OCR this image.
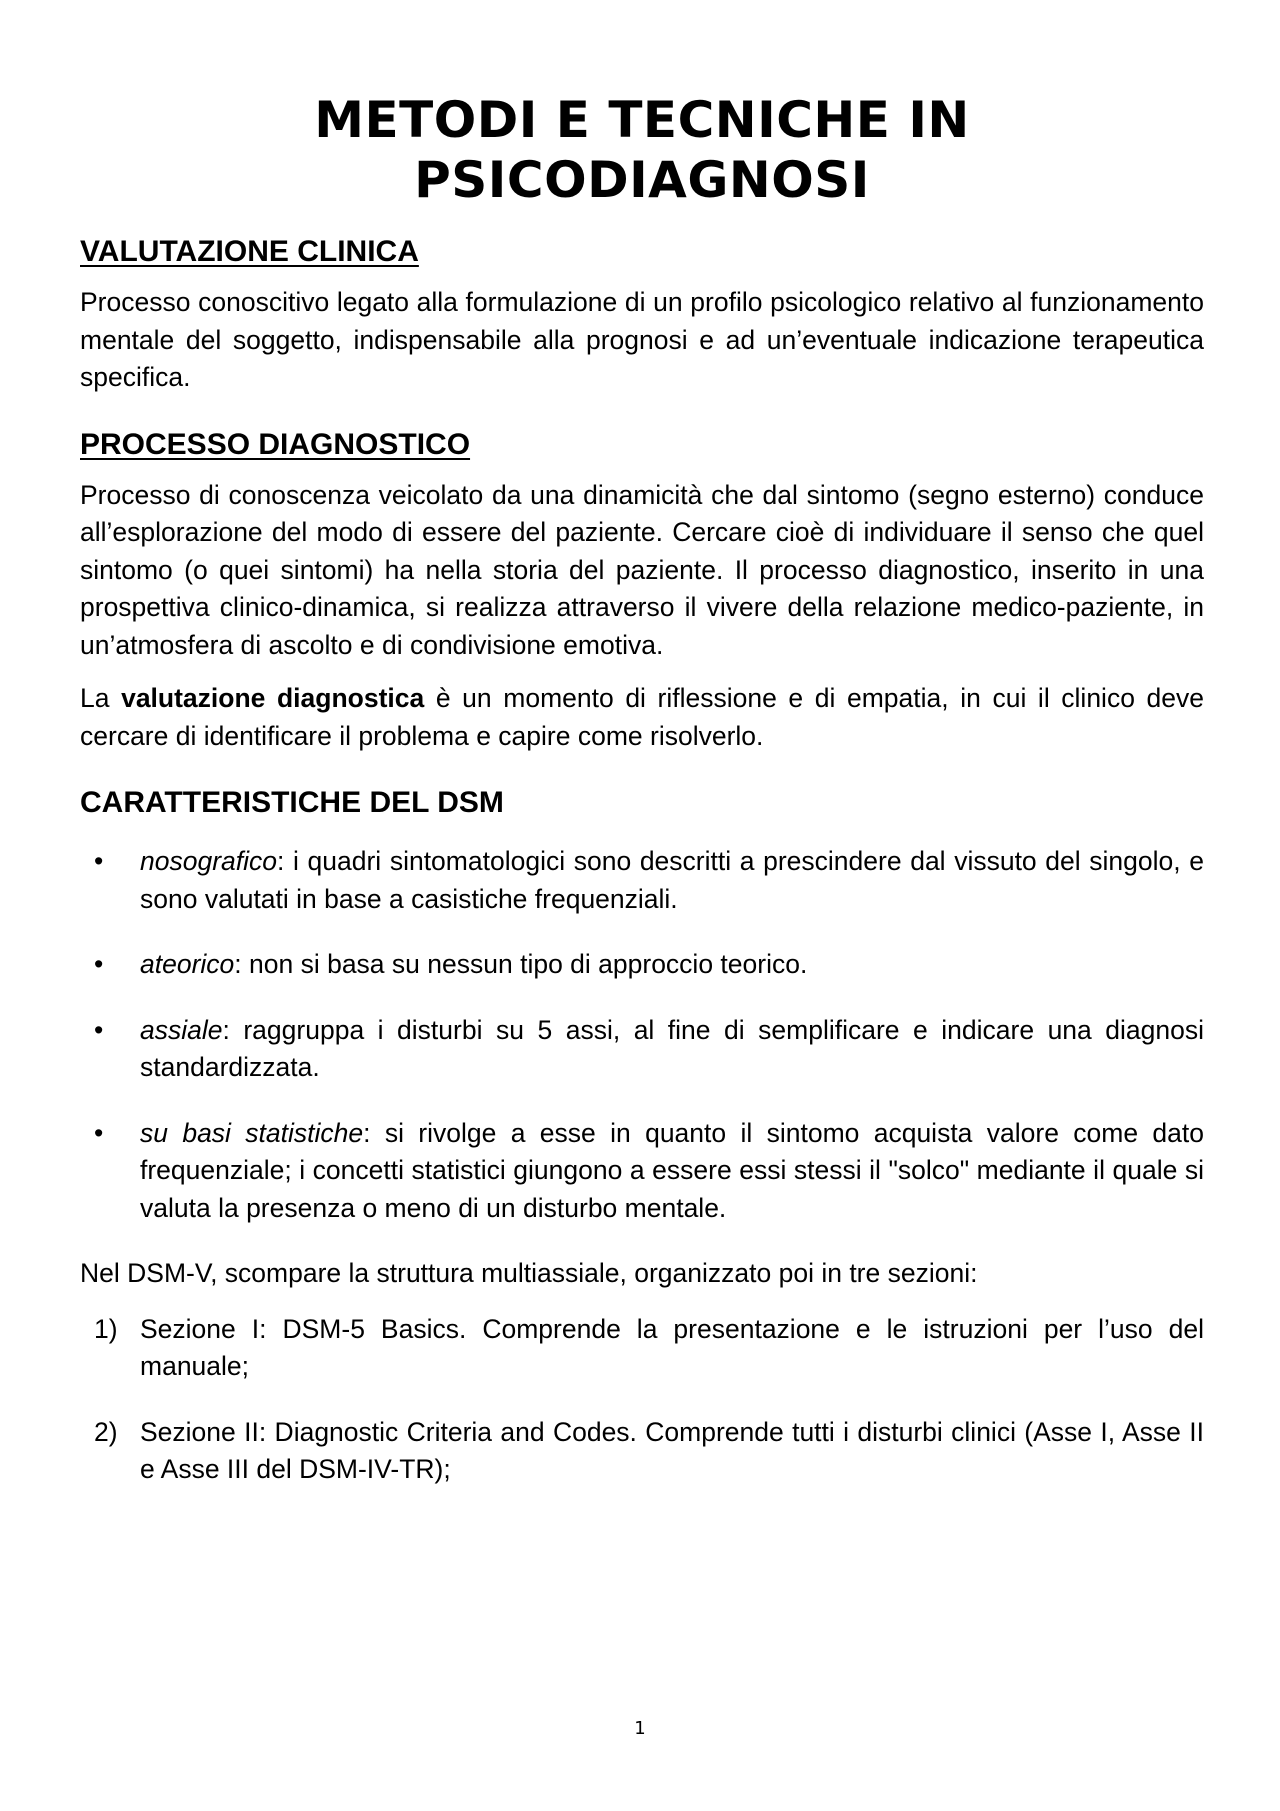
METODI E TECNICHE IN
PSICODIAGNOSI
VALUTAZIONE CLINICA

Processo conoscitivo legato alla formulazione di un profilo psicologico relativo al funzionamento mentale del soggetto, indispensabile alla prognosi e ad un’eventuale indicazione terapeutica specifica.

PROCESSO DIAGNOSTICO

Processo di conoscenza veicolato da una dinamicità che dal sintomo (segno esterno) conduce all’esplorazione del modo di essere del paziente. Cercare cioè di individuare il senso che quel sintomo (o quei sintomi) ha nella storia del paziente. Il processo diagnostico, inserito in una prospettiva clinico-dinamica, si realizza attraverso il vivere della relazione medico-paziente, in un’atmosfera di ascolto e di condivisione emotiva.

La valutazione diagnostica è un momento di riflessione e di empatia, in cui il clinico deve cercare di identificare il problema e capire come risolverlo.

CARATTERISTICHE DEL DSM
•	nosografico: i quadri sintomatologici sono descritti a prescindere dal vissuto del singolo, e sono valutati in base a casistiche frequenziali.
•	ateorico: non si basa su nessun tipo di approccio teorico.
•	assiale: raggruppa i disturbi su 5 assi, al fine di semplificare e indicare una diagnosi standardizzata.
•	su basi statistiche: si rivolge a esse in quanto il sintomo acquista valore come dato frequenziale; i concetti statistici giungono a essere essi stessi il "solco" mediante il quale si valuta la presenza o meno di un disturbo mentale.

Nel DSM-V, scompare la struttura multiassiale, organizzato poi in tre sezioni:

1) Sezione I: DSM-5 Basics. Comprende la presentazione e le istruzioni per l’uso del manuale;
2) Sezione II: Diagnostic Criteria and Codes. Comprende tutti i disturbi clinici (Asse I, Asse II e Asse III del DSM-IV-TR);
1
